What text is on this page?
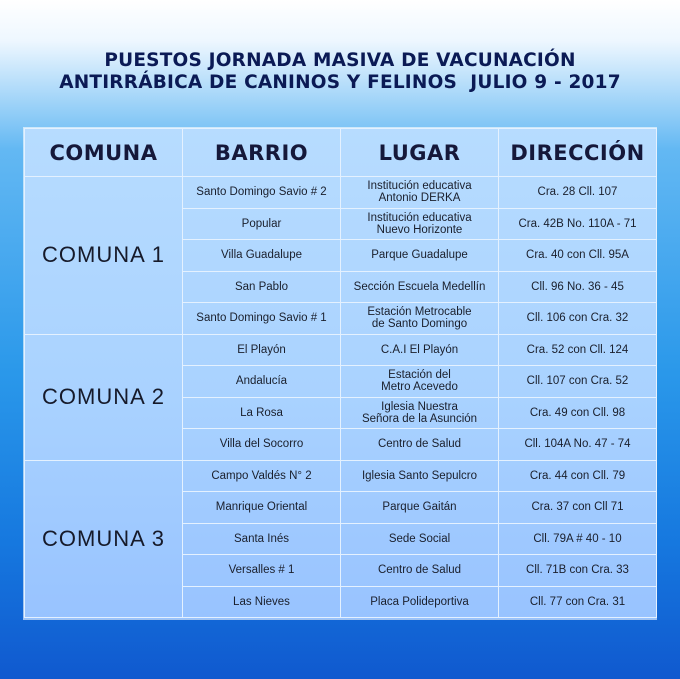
PUESTOS JORNADA MASIVA DE VACUNACIÓN
ANTIRRÁBICA DE CANINOS Y FELINOS  JULIO 9 - 2017
COMUNA	BARRIO	LUGAR	DIRECCIÓN
COMUNA 1	Santo Domingo Savio # 2	Institución educativa
Antonio DERKA	Cra. 28 Cll. 107
	Popular	Institución educativa
Nuevo Horizonte	Cra. 42B No. 110A - 71
	Villa Guadalupe	Parque Guadalupe	Cra. 40 con Cll. 95A
	San Pablo	Sección Escuela Medellín	Cll. 96 No. 36 - 45
	Santo Domingo Savio # 1	Estación Metrocable
de Santo Domingo	Cll. 106 con Cra. 32
COMUNA 2	El Playón	C.A.I El Playón	Cra. 52 con Cll. 124
	Andalucía	Estación del
Metro Acevedo	Cll. 107 con Cra. 52
	La Rosa	Iglesia Nuestra
Señora de la Asunción	Cra. 49 con Cll. 98
	Villa del Socorro	Centro de Salud	Cll. 104A No. 47 - 74
COMUNA 3	Campo Valdés N° 2	Iglesia Santo Sepulcro	Cra. 44 con Cll. 79
	Manrique Oriental	Parque Gaitán	Cra. 37 con Cll 71
	Santa Inés	Sede Social	Cll. 79A # 40 - 10
	Versalles # 1	Centro de Salud	Cll. 71B con Cra. 33
	Las Nieves	Placa Polideportiva	Cll. 77 con Cra. 31
